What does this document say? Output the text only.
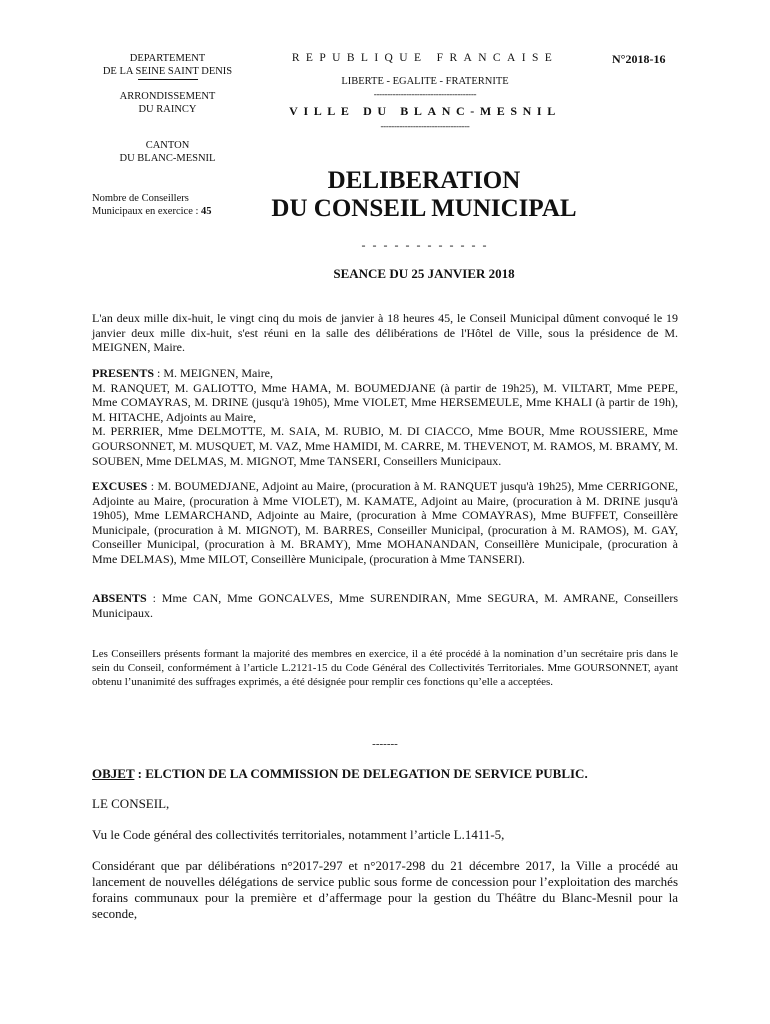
DEPARTEMENT
DE LA SEINE SAINT DENIS
ARRONDISSEMENT
DU RAINCY
CANTON
DU BLANC-MESNIL
Nombre de Conseillers
Municipaux en exercice : 45
REPUBLIQUE FRANCAISE
LIBERTE - EGALITE - FRATERNITE
--------------------------------------
VILLE DU BLANC-MESNIL
---------------------------------
N°2018-16
DELIBERATION
DU CONSEIL MUNICIPAL
- - - - - - - - - - - -
SEANCE DU 25 JANVIER 2018
L'an deux mille dix-huit, le vingt cinq du mois de janvier à 18 heures 45, le Conseil Municipal dûment convoqué le 19 janvier deux mille dix-huit, s'est réuni en la salle des délibérations de l'Hôtel de Ville, sous la présidence de M. MEIGNEN, Maire.
PRESENTS : M. MEIGNEN, Maire,
M. RANQUET, M. GALIOTTO, Mme HAMA, M. BOUMEDJANE (à partir de 19h25), M. VILTART, Mme PEPE, Mme COMAYRAS, M. DRINE (jusqu'à 19h05), Mme VIOLET, Mme HERSEMEULE, Mme KHALI (à partir de 19h), M. HITACHE, Adjoints au Maire,
M. PERRIER, Mme DELMOTTE, M. SAIA, M. RUBIO, M. DI CIACCO, Mme BOUR, Mme ROUSSIERE, Mme GOURSONNET, M. MUSQUET, M. VAZ, Mme HAMIDI, M. CARRE, M. THEVENOT, M. RAMOS, M. BRAMY, M. SOUBEN, Mme DELMAS, M. MIGNOT, Mme TANSERI, Conseillers Municipaux.
EXCUSES : M. BOUMEDJANE, Adjoint au Maire, (procuration à M. RANQUET jusqu'à 19h25), Mme CERRIGONE, Adjointe au Maire, (procuration à Mme VIOLET), M. KAMATE, Adjoint au Maire, (procuration à M. DRINE jusqu'à 19h05), Mme LEMARCHAND, Adjointe au Maire, (procuration à Mme COMAYRAS), Mme BUFFET, Conseillère Municipale, (procuration à M. MIGNOT), M. BARRES, Conseiller Municipal, (procuration à M. RAMOS), M. GAY, Conseiller Municipal, (procuration à M. BRAMY), Mme MOHANANDAN, Conseillère Municipale, (procuration à Mme DELMAS), Mme MILOT, Conseillère Municipale, (procuration à Mme TANSERI).
ABSENTS : Mme CAN, Mme GONCALVES, Mme SURENDIRAN, Mme SEGURA, M. AMRANE, Conseillers Municipaux.
Les Conseillers présents formant la majorité des membres en exercice, il a été procédé à la nomination d’un secrétaire pris dans le sein du Conseil, conformément à l’article L.2121-15 du Code Général des Collectivités Territoriales. Mme GOURSONNET, ayant obtenu l’unanimité des suffrages exprimés, a été désignée pour remplir ces fonctions qu’elle a acceptées.
-------
OBJET : ELCTION DE LA COMMISSION DE DELEGATION DE SERVICE PUBLIC.
LE CONSEIL,
Vu le Code général des collectivités territoriales, notamment l’article L.1411-5,
Considérant que par délibérations n°2017-297 et n°2017-298 du 21 décembre 2017, la Ville a procédé au lancement de nouvelles délégations de service public sous forme de concession pour l’exploitation des marchés forains communaux pour la première et d’affermage pour la gestion du Théâtre du Blanc-Mesnil pour la seconde,
